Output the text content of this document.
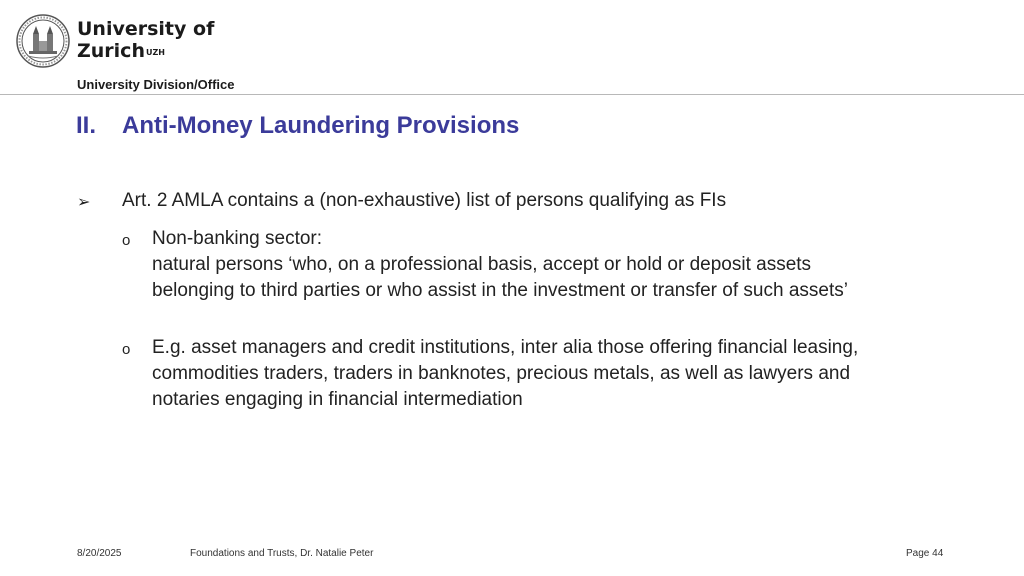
University of
Zurich$^{UZH}$
University Division/Office
II. Anti-Money Laundering Provisions
➢ Art. 2 AMLA contains a (non-exhaustive) list of persons qualifying as FIs
o Non-banking sector:
natural persons ‘who, on a professional basis, accept or hold or deposit assets
belonging to third parties or who assist in the investment or transfer of such assets’
o E.g. asset managers and credit institutions, inter alia those offering financial leasing,
commodities traders, traders in banknotes, precious metals, as well as lawyers and
notaries engaging in financial intermediation
8/20/2025	Foundations and Trusts, Dr. Natalie Peter	Page 44
